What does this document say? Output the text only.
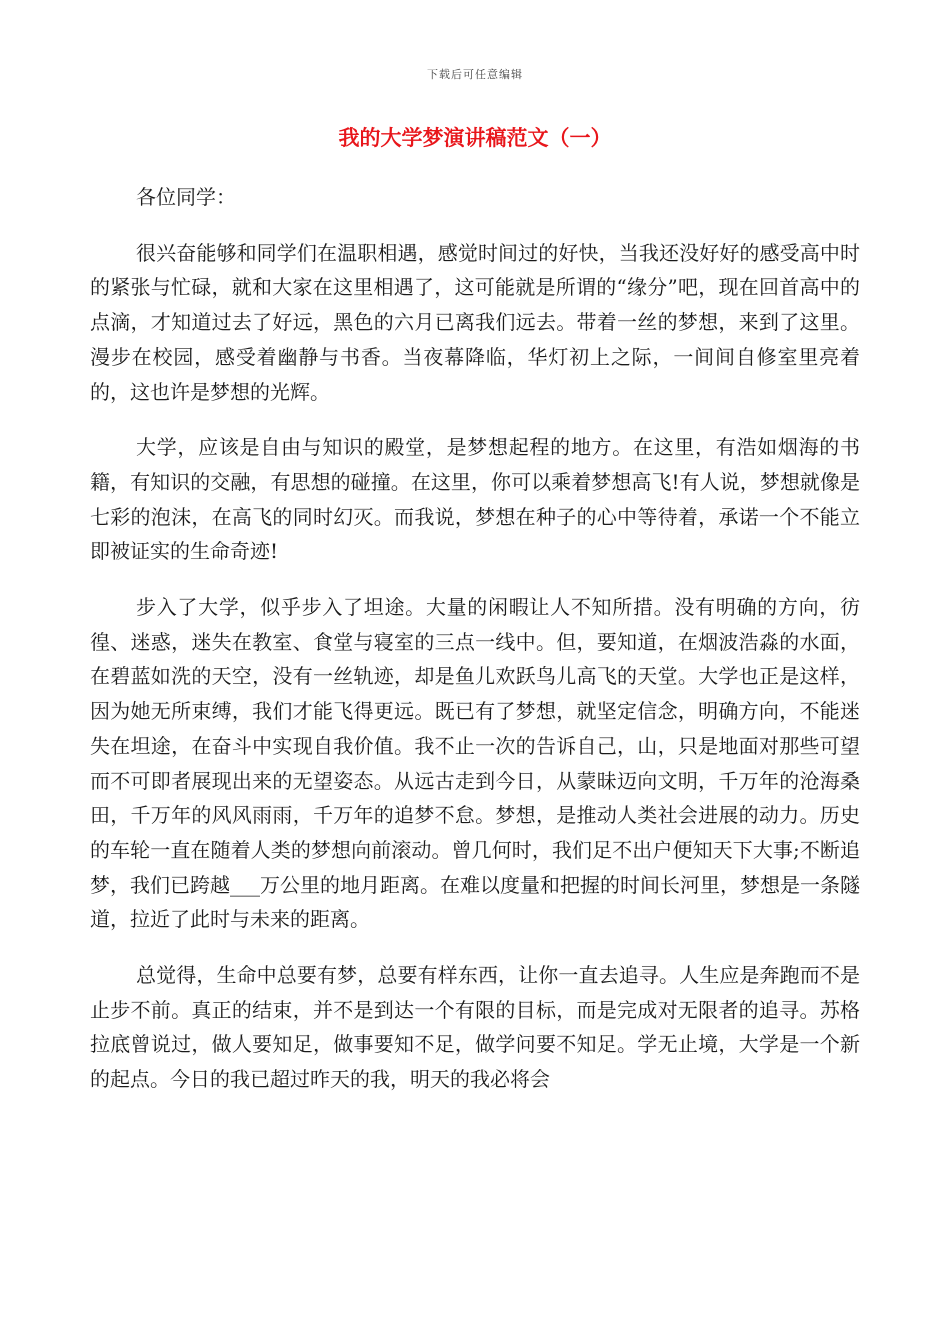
下载后可任意编辑
我的大学梦演讲稿范文（一）

各位同学：

很兴奋能够和同学们在温职相遇，感觉时间过的好快，当我还没好好的感受高中时的紧张与忙碌，就和大家在这里相遇了，这可能就是所谓的“缘分”吧，现在回首高中的点滴，才知道过去了好远，黑色的六月已离我们远去。带着一丝的梦想，来到了这里。漫步在校园，感受着幽静与书香。当夜幕降临，华灯初上之际，一间间自修室里亮着的，这也许是梦想的光辉。

大学，应该是自由与知识的殿堂，是梦想起程的地方。在这里，有浩如烟海的书籍，有知识的交融，有思想的碰撞。在这里，你可以乘着梦想高飞!有人说，梦想就像是七彩的泡沫，在高飞的同时幻灭。而我说，梦想在种子的心中等待着，承诺一个不能立即被证实的生命奇迹!

步入了大学，似乎步入了坦途。大量的闲暇让人不知所措。没有明确的方向，彷徨、迷惑，迷失在教室、食堂与寝室的三点一线中。但，要知道，在烟波浩淼的水面，在碧蓝如洗的天空，没有一丝轨迹，却是鱼儿欢跃鸟儿高飞的天堂。大学也正是这样，因为她无所束缚，我们才能飞得更远。既已有了梦想，就坚定信念，明确方向，不能迷失在坦途，在奋斗中实现自我价值。我不止一次的告诉自己，山，只是地面对那些可望而不可即者展现出来的无望姿态。从远古走到今日，从蒙昧迈向文明，千万年的沧海桑田，千万年的风风雨雨，千万年的追梦不怠。梦想，是推动人类社会进展的动力。历史的车轮一直在随着人类的梦想向前滚动。曾几何时，我们足不出户便知天下大事;不断追梦，我们已跨越___万公里的地月距离。在难以度量和把握的时间长河里，梦想是一条隧道，拉近了此时与未来的距离。

总觉得，生命中总要有梦，总要有样东西，让你一直去追寻。人生应是奔跑而不是止步不前。真正的结束，并不是到达一个有限的目标，而是完成对无限者的追寻。苏格拉底曾说过，做人要知足，做事要知不足，做学问要不知足。学无止境，大学是一个新的起点。今日的我已超过昨天的我，明天的我必将会
